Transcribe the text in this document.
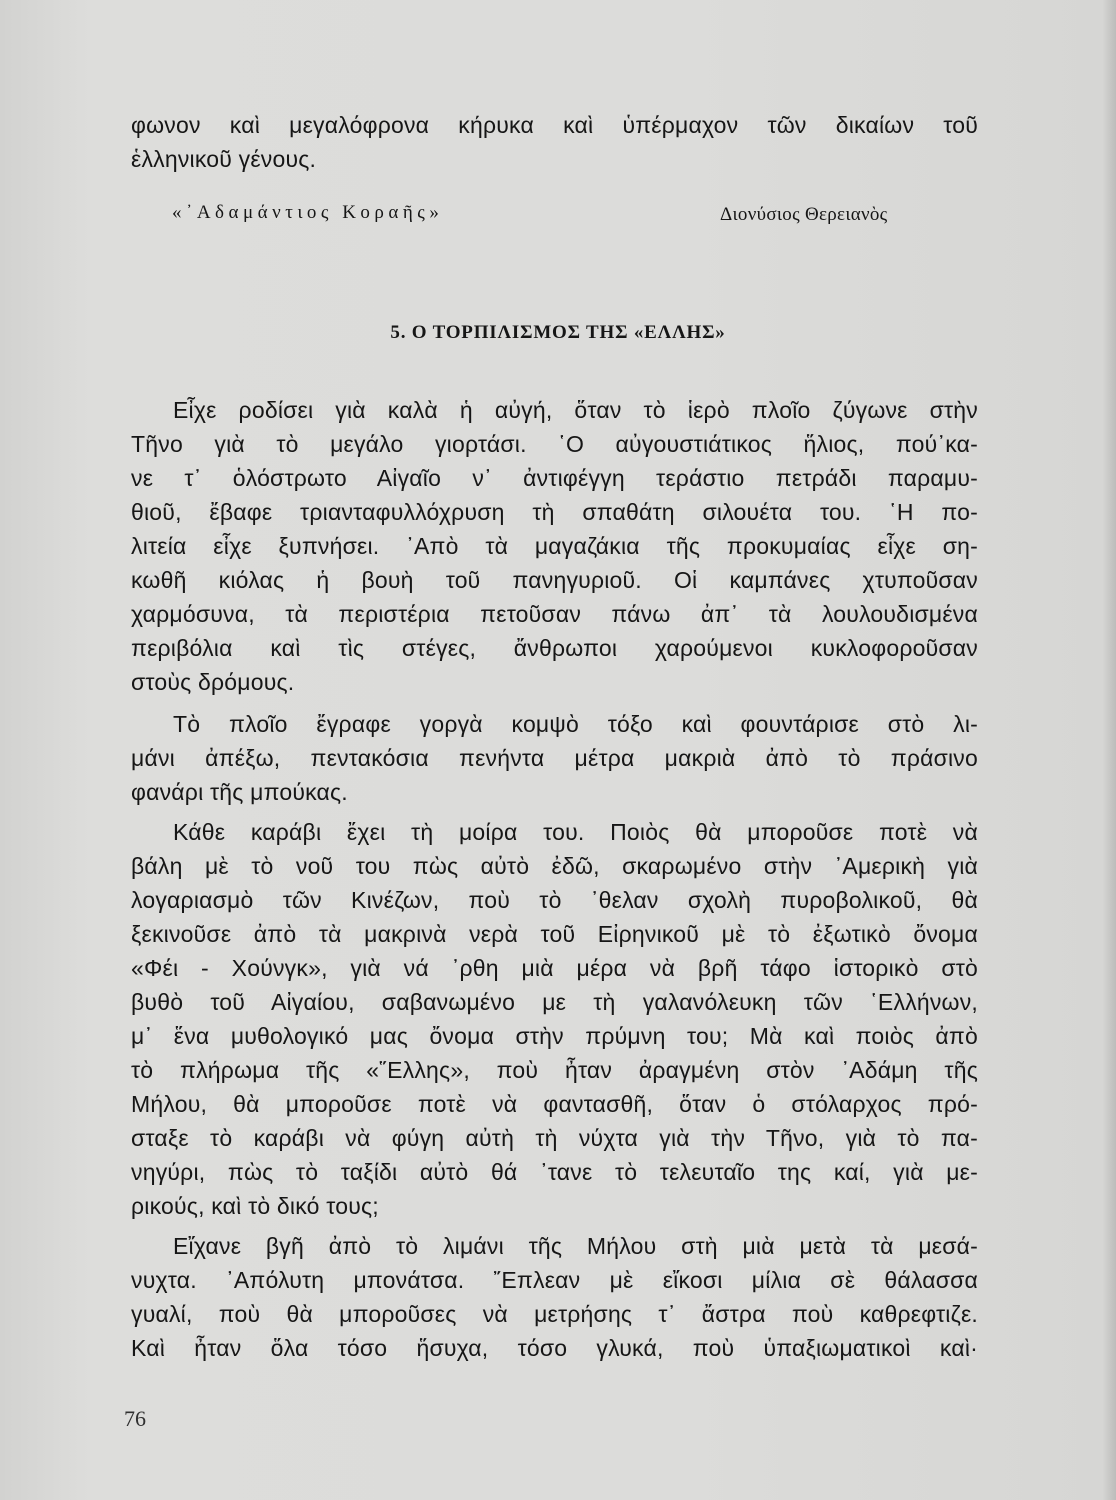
φωνον καὶ μεγαλόφρονα κήρυκα καὶ ὑπέρμαχον τῶν δικαίων τοῦ
ἑλληνικοῦ γένους.
«᾿Αδαμάντιος Κοραῆς»	Διονύσιος Θερειανὸς
5. Ο ΤΟΡΠΙΛΙΣΜΟΣ ΤΗΣ «ΕΛΛΗΣ»
Εἶχε ροδίσει γιὰ καλὰ ἡ αὐγή, ὅταν τὸ ἱερὸ πλοῖο ζύγωνε στὴν
Τῆνο γιὰ τὸ μεγάλο γιορτάσι. ῾Ο αὐγουστιάτικος ἥλιος, πού᾿κα-
νε τ᾿ ὁλόστρωτο Αἰγαῖο ν᾿ ἀντιφέγγη τεράστιο πετράδι παραμυ-
θιοῦ, ἔβαφε τριανταφυλλόχρυση τὴ σπαθάτη σιλουέτα του. ῾Η πο-
λιτεία εἶχε ξυπνήσει. ᾿Απὸ τὰ μαγαζάκια τῆς προκυμαίας εἶχε ση-
κωθῆ κιόλας ἡ βουὴ τοῦ πανηγυριοῦ. Οἱ καμπάνες χτυποῦσαν
χαρμόσυνα, τὰ περιστέρια πετοῦσαν πάνω ἀπ᾿ τὰ λουλουδισμένα
περιβόλια καὶ τὶς στέγες, ἄνθρωποι χαρούμενοι κυκλοφοροῦσαν
στοὺς δρόμους.
Τὸ πλοῖο ἔγραφε γοργὰ κομψὸ τόξο καὶ φουντάρισε στὸ λι-
μάνι ἀπέξω, πεντακόσια πενήντα μέτρα μακριὰ ἀπὸ τὸ πράσινο
φανάρι τῆς μπούκας.
Κάθε καράβι ἔχει τὴ μοίρα του. Ποιὸς θὰ μποροῦσε ποτὲ νὰ
βάλη μὲ τὸ νοῦ του πὼς αὐτὸ ἐδῶ, σκαρωμένο στὴν ᾿Αμερικὴ γιὰ
λογαριασμὸ τῶν Κινέζων, ποὺ τὸ ᾿θελαν σχολὴ πυροβολικοῦ, θὰ
ξεκινοῦσε ἀπὸ τὰ μακρινὰ νερὰ τοῦ Εἰρηνικοῦ μὲ τὸ ἐξωτικὸ ὄνομα
«Φέι - Χούνγκ», γιὰ νά ᾿ρθη μιὰ μέρα νὰ βρῆ τάφο ἱστορικὸ στὸ
βυθὸ τοῦ Αἰγαίου, σαβανωμένο με τὴ γαλανόλευκη τῶν ῾Ελλήνων,
μ᾿ ἕνα μυθολογικό μας ὄνομα στὴν πρύμνη του; Μὰ καὶ ποιὸς ἀπὸ
τὸ πλήρωμα τῆς «῞Ελλης», ποὺ ἦταν ἀραγμένη στὸν ᾿Αδάμη τῆς
Μήλου, θὰ μποροῦσε ποτὲ νὰ φαντασθῆ, ὅταν ὁ στόλαρχος πρό-
σταξε τὸ καράβι νὰ φύγη αὐτὴ τὴ νύχτα γιὰ τὴν Τῆνο, γιὰ τὸ πα-
νηγύρι, πὼς τὸ ταξίδι αὐτὸ θά ᾿τανε τὸ τελευταῖο της καί, γιὰ με-
ρικούς, καὶ τὸ δικό τους;
Εἴχανε βγῆ ἀπὸ τὸ λιμάνι τῆς Μήλου στὴ μιὰ μετὰ τὰ μεσά-
νυχτα. ᾿Απόλυτη μπονάτσα. ῎Επλεαν μὲ εἴκοσι μίλια σὲ θάλασσα
γυαλί, ποὺ θὰ μποροῦσες νὰ μετρήσης τ᾿ ἄστρα ποὺ καθρεφτιζε.
Καὶ ἦταν ὅλα τόσο ἥσυχα, τόσο γλυκά, ποὺ ὑπαξιωματικοὶ καὶ·
76
